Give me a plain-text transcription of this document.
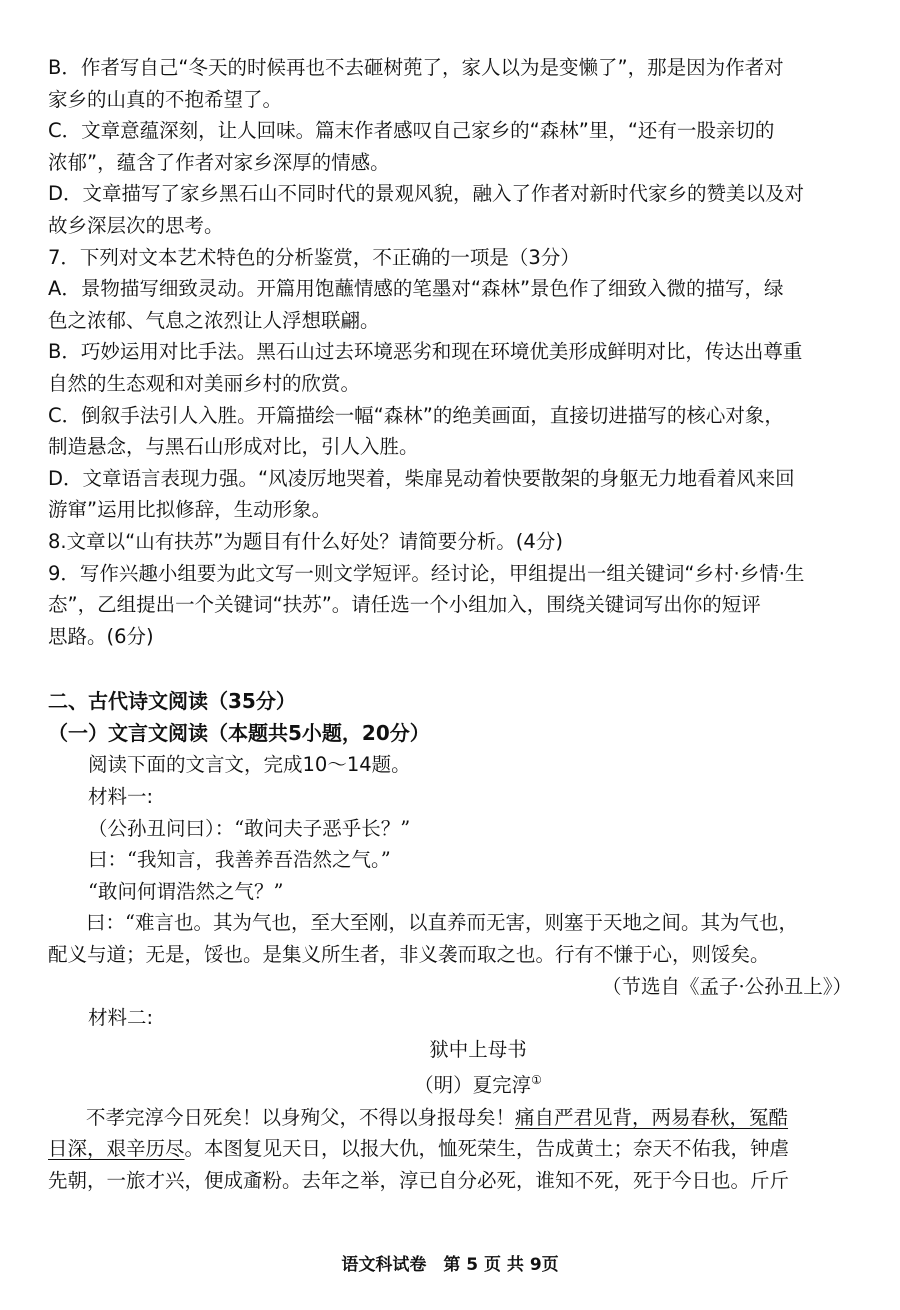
B．作者写自己“冬天的时候再也不去砸树蔸了，家人以为是变懒了”，那是因为作者对
家乡的山真的不抱希望了。
C．文章意蕴深刻，让人回味。篇末作者感叹自己家乡的“森林”里，“还有一股亲切的
浓郁”，蕴含了作者对家乡深厚的情感。
D．文章描写了家乡黑石山不同时代的景观风貌，融入了作者对新时代家乡的赞美以及对
故乡深层次的思考。
7．下列对文本艺术特色的分析鉴赏，不正确的一项是（3分）
A．景物描写细致灵动。开篇用饱蘸情感的笔墨对“森林”景色作了细致入微的描写，绿
色之浓郁、气息之浓烈让人浮想联翩。
B．巧妙运用对比手法。黑石山过去环境恶劣和现在环境优美形成鲜明对比，传达出尊重
自然的生态观和对美丽乡村的欣赏。
C．倒叙手法引人入胜。开篇描绘一幅“森林”的绝美画面，直接切进描写的核心对象，
制造悬念，与黑石山形成对比，引人入胜。
D．文章语言表现力强。“风凌厉地哭着，柴扉晃动着快要散架的身躯无力地看着风来回
游窜”运用比拟修辞，生动形象。
8.文章以“山有扶苏”为题目有什么好处？请简要分析。(4分)
9．写作兴趣小组要为此文写一则文学短评。经讨论，甲组提出一组关键词“乡村·乡情·生
态”，乙组提出一个关键词“扶苏”。请任选一个小组加入，围绕关键词写出你的短评
思路。(6分)
二、古代诗文阅读（35分）
（一）文言文阅读（本题共5小题，20分）
阅读下面的文言文，完成10～14题。
材料一:
（公孙丑问曰）：“敢问夫子恶乎长？”
曰：“我知言，我善养吾浩然之气。”
“敢问何谓浩然之气？”
曰：“难言也。其为气也，至大至刚，以直养而无害，则塞于天地之间。其为气也，
配义与道；无是，馁也。是集义所生者，非义袭而取之也。行有不慊于心，则馁矣。
（节选自《孟子·公孙丑上》）
材料二:
狱中上母书
（明）夏完淳①
不孝完淳今日死矣！以身殉父，不得以身报母矣！痛自严君见背，两易春秋，冤酷
日深，艰辛历尽。本图复见天日，以报大仇，恤死荣生，告成黄土；奈天不佑我，钟虐
先朝，一旅才兴，便成齑粉。去年之举，淳已自分必死，谁知不死，死于今日也。斤斤
语文科试卷　第 5 页 共 9页
